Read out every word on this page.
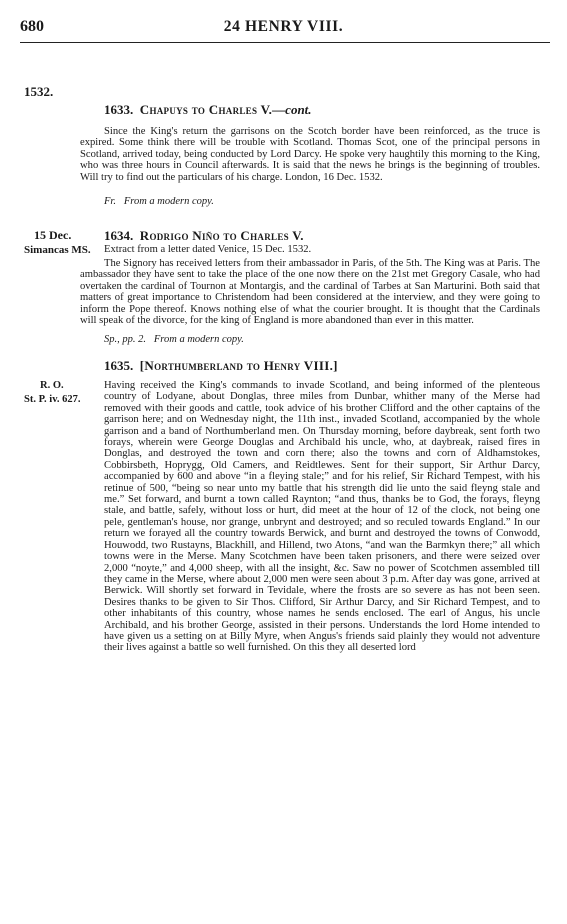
680	24 HENRY VIII.
1532.
1633. Chapuys to Charles V.—cont.

Since the King's return the garrisons on the Scotch border have been reinforced, as the truce is expired. Some think there will be trouble with Scotland. Thomas Scot, one of the principal persons in Scotland, arrived today, being conducted by Lord Darcy. He spoke very haughtily this morning to the King, who was three hours in Council afterwards. It is said that the news he brings is the beginning of troubles. Will try to find out the particulars of his charge. London, 16 Dec. 1532.

Fr. From a modern copy.
15 Dec.
Simancas MS.
1634. Rodrigo Niño to Charles V.
Extract from a letter dated Venice, 15 Dec. 1532.

The Signory has received letters from their ambassador in Paris, of the 5th. The King was at Paris. The ambassador they have sent to take the place of the one now there on the 21st met Gregory Casale, who had overtaken the cardinal of Tournon at Montargis, and the cardinal of Tarbes at San Marturini. Both said that matters of great importance to Christendom had been considered at the interview, and they were going to inform the Pope thereof. Knows nothing else of what the courier brought. It is thought that the Cardinals will speak of the divorce, for the king of England is more abandoned than ever in this matter.

Sp., pp. 2. From a modern copy.
1635. [Northumberland to Henry VIII.]
R. O.
St. P. iv. 627.

Having received the King's commands to invade Scotland, and being informed of the plenteous country of Lodyane, about Donglas, three miles from Dunbar, whither many of the Merse had removed with their goods and cattle, took advice of his brother Clifford and the other captains of the garrison here; and on Wednesday night, the 11th inst., invaded Scotland, accompanied by the whole garrison and a band of Northumberland men. On Thursday morning, before daybreak, sent forth two forays, wherein were George Douglas and Archibald his uncle, who, at daybreak, raised fires in Donglas, and destroyed the town and corn there; also the towns and corn of Aldhamstokes, Cobbirsbeth, Hoprygg, Old Camers, and Reidtlewes. Sent for their support, Sir Arthur Darcy, accompanied by 600 and above “in a fleying stale;” and for his relief, Sir Richard Tempest, with his retinue of 500, “being so near unto my battle that his strength did lie unto the said fleyng stale and me.” Set forward, and burnt a town called Raynton; “and thus, thanks be to God, the forays, fleyng stale, and battle, safely, without loss or hurt, did meet at the hour of 12 of the clock, not being one pele, gentleman's house, nor grange, unbrynt and destroyed; and so reculed towards England.” In our return we forayed all the country towards Berwick, and burnt and destroyed the towns of Conwodd, Houwodd, two Rustayns, Blackhill, and Hillend, two Atons, “and wan the Barmkyn there;” all which towns were in the Merse. Many Scotchmen have been taken prisoners, and there were seized over 2,000 “noyte,” and 4,000 sheep, with all the insight, &c. Saw no power of Scotchmen assembled till they came in the Merse, where about 2,000 men were seen about 3 p.m. After day was gone, arrived at Berwick. Will shortly set forward in Tevidale, where the frosts are so severe as has not been seen. Desires thanks to be given to Sir Thos. Clifford, Sir Arthur Darcy, and Sir Richard Tempest, and to other inhabitants of this country, whose names he sends enclosed. The earl of Angus, his uncle Archibald, and his brother George, assisted in their persons. Understands the lord Home intended to have given us a setting on at Billy Myre, when Angus's friends said plainly they would not adventure their lives against a battle so well furnished. On this they all deserted lord
